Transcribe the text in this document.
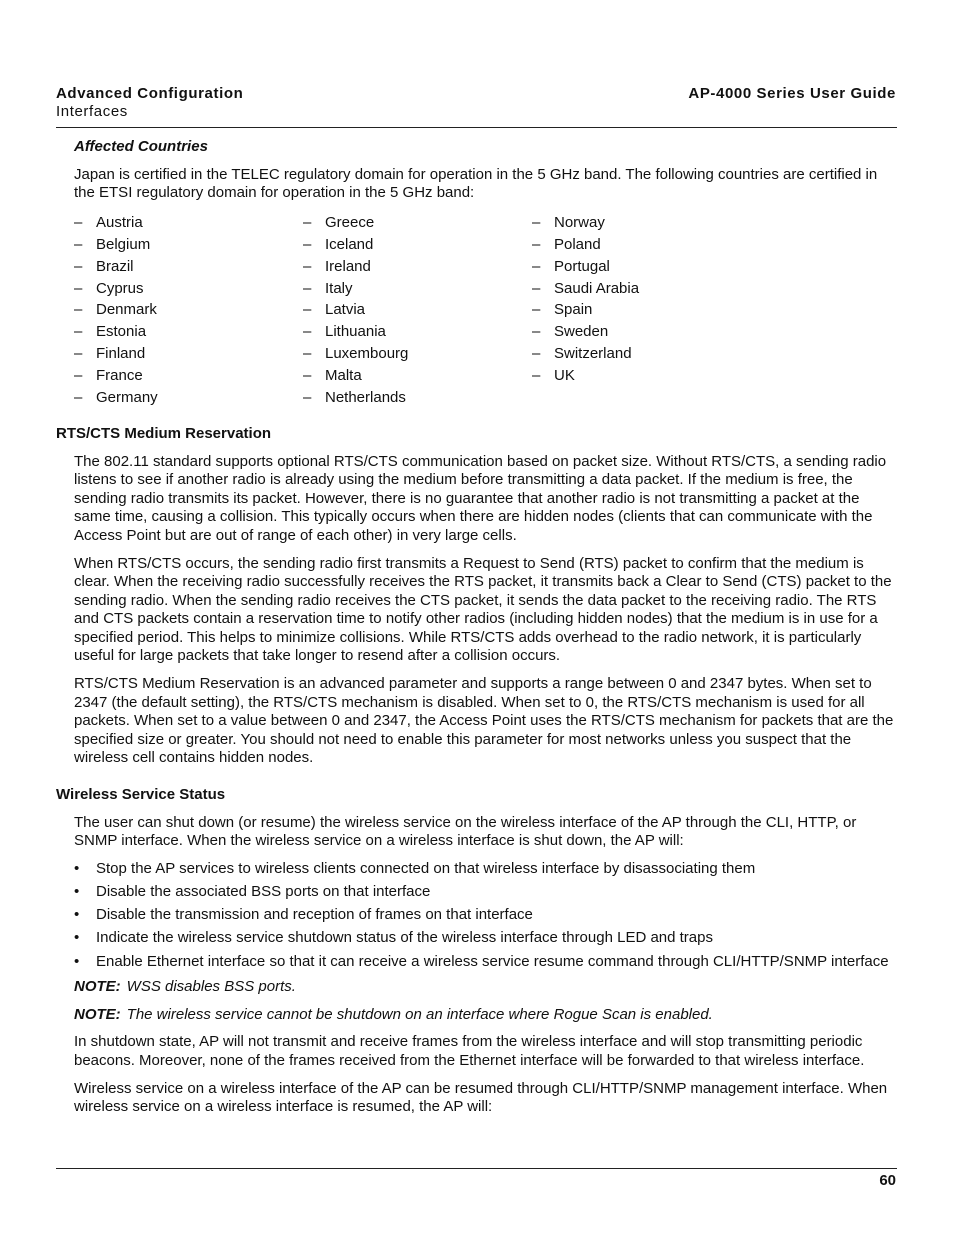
Advanced Configuration
Interfaces
AP-4000 Series User Guide
Affected Countries

Japan is certified in the TELEC regulatory domain for operation in the 5 GHz band. The following countries are certified in the ETSI regulatory domain for operation in the 5 GHz band:

– Austria
– Belgium
– Brazil
– Cyprus
– Denmark
– Estonia
– Finland
– France
– Germany
– Greece
– Iceland
– Ireland
– Italy
– Latvia
– Lithuania
– Luxembourg
– Malta
– Netherlands
– Norway
– Poland
– Portugal
– Saudi Arabia
– Spain
– Sweden
– Switzerland
– UK
RTS/CTS Medium Reservation

The 802.11 standard supports optional RTS/CTS communication based on packet size. Without RTS/CTS, a sending radio listens to see if another radio is already using the medium before transmitting a data packet. If the medium is free, the sending radio transmits its packet. However, there is no guarantee that another radio is not transmitting a packet at the same time, causing a collision. This typically occurs when there are hidden nodes (clients that can communicate with the Access Point but are out of range of each other) in very large cells.

When RTS/CTS occurs, the sending radio first transmits a Request to Send (RTS) packet to confirm that the medium is clear. When the receiving radio successfully receives the RTS packet, it transmits back a Clear to Send (CTS) packet to the sending radio. When the sending radio receives the CTS packet, it sends the data packet to the receiving radio. The RTS and CTS packets contain a reservation time to notify other radios (including hidden nodes) that the medium is in use for a specified period. This helps to minimize collisions. While RTS/CTS adds overhead to the radio network, it is particularly useful for large packets that take longer to resend after a collision occurs.

RTS/CTS Medium Reservation is an advanced parameter and supports a range between 0 and 2347 bytes. When set to 2347 (the default setting), the RTS/CTS mechanism is disabled. When set to 0, the RTS/CTS mechanism is used for all packets. When set to a value between 0 and 2347, the Access Point uses the RTS/CTS mechanism for packets that are the specified size or greater. You should not need to enable this parameter for most networks unless you suspect that the wireless cell contains hidden nodes.

Wireless Service Status

The user can shut down (or resume) the wireless service on the wireless interface of the AP through the CLI, HTTP, or SNMP interface. When the wireless service on a wireless interface is shut down, the AP will:

•	Stop the AP services to wireless clients connected on that wireless interface by disassociating them
•	Disable the associated BSS ports on that interface
•	Disable the transmission and reception of frames on that interface
•	Indicate the wireless service shutdown status of the wireless interface through LED and traps
•	Enable Ethernet interface so that it can receive a wireless service resume command through CLI/HTTP/SNMP interface
NOTE: WSS disables BSS ports.
NOTE: The wireless service cannot be shutdown on an interface where Rogue Scan is enabled.

In shutdown state, AP will not transmit and receive frames from the wireless interface and will stop transmitting periodic beacons. Moreover, none of the frames received from the Ethernet interface will be forwarded to that wireless interface.

Wireless service on a wireless interface of the AP can be resumed through CLI/HTTP/SNMP management interface. When wireless service on a wireless interface is resumed, the AP will:

60
